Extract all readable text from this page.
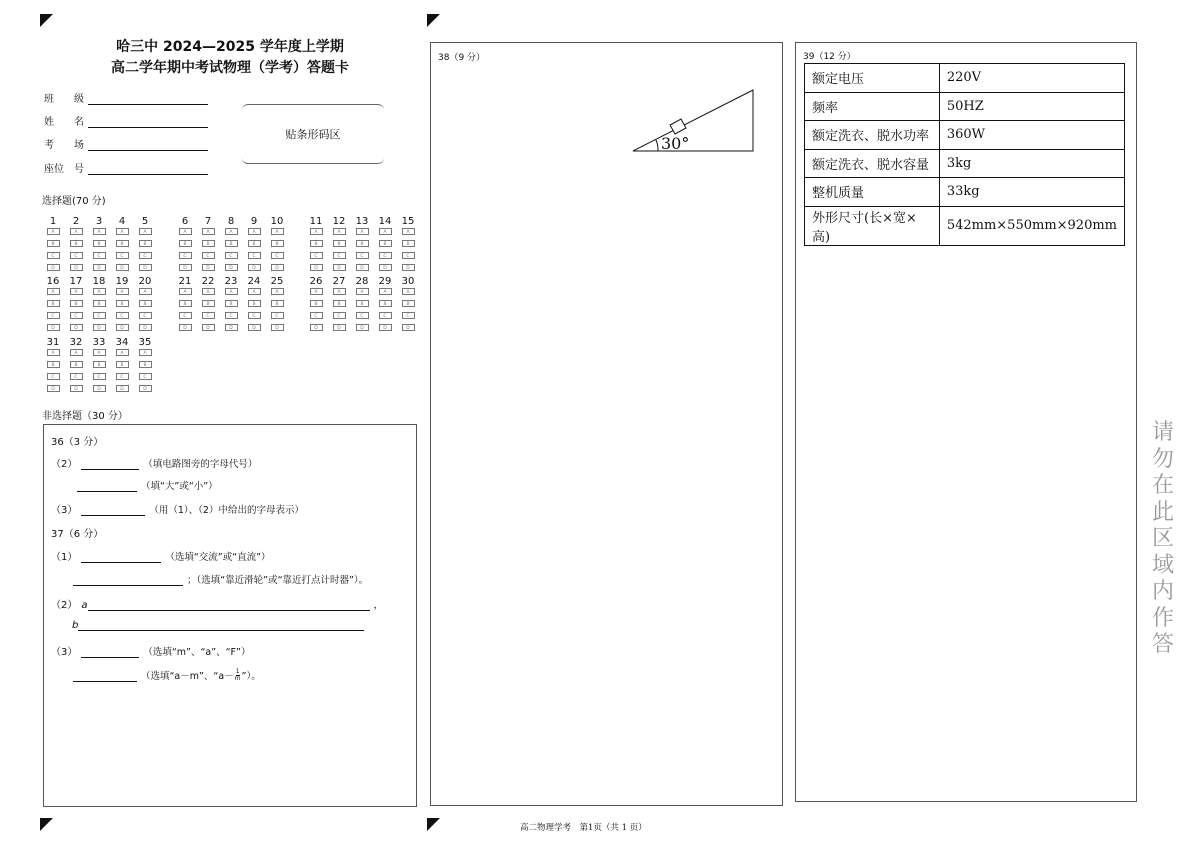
哈三中 2024—2025 学年度上学期
高二学年期中考试物理（学考）答题卡
班　　级
姓　　名
考　　场
座位　号
贴条形码区
选择题(70 分)
1
A
B
C
D
2
A
B
C
D
3
A
B
C
D
4
A
B
C
D
5
A
B
C
D
6
A
B
C
D
7
A
B
C
D
8
A
B
C
D
9
A
B
C
D
10
A
B
C
D
11
A
B
C
D
12
A
B
C
D
13
A
B
C
D
14
A
B
C
D
15
A
B
C
D
16
A
B
C
D
17
A
B
C
D
18
A
B
C
D
19
A
B
C
D
20
A
B
C
D
21
A
B
C
D
22
A
B
C
D
23
A
B
C
D
24
A
B
C
D
25
A
B
C
D
26
A
B
C
D
27
A
B
C
D
28
A
B
C
D
29
A
B
C
D
30
A
B
C
D
31
A
B
C
D
32
A
B
C
D
33
A
B
C
D
34
A
B
C
D
35
A
B
C
D
非选择题（30 分）
36（3 分）
（2）	（填电路图旁的字母代号）
（填“大”或“小”）
（3）	（用（1）、（2）中给出的字母表示）
37（6 分）
（1）	（选填“交流”或“直流”）
；（选填“靠近滑轮”或“靠近打点计时器”）。
（2） a	，
b
（3）	（选填“m”、“a”、“F”）
（选填“a－m”、“$a- \frac{1}{m}$ ”）。
38（9 分）
30°
39（12 分）
额定电压	220V
频率	50HZ
额定洗衣、脱水功率	360W
额定洗衣、脱水容量	3kg
整机质量	33kg
外形尺寸(长×宽×高)	542mm×550mm×920mm
请
勿
在
此
区
域
内
作
答
高二物理学考　第1页（共 1 页）
